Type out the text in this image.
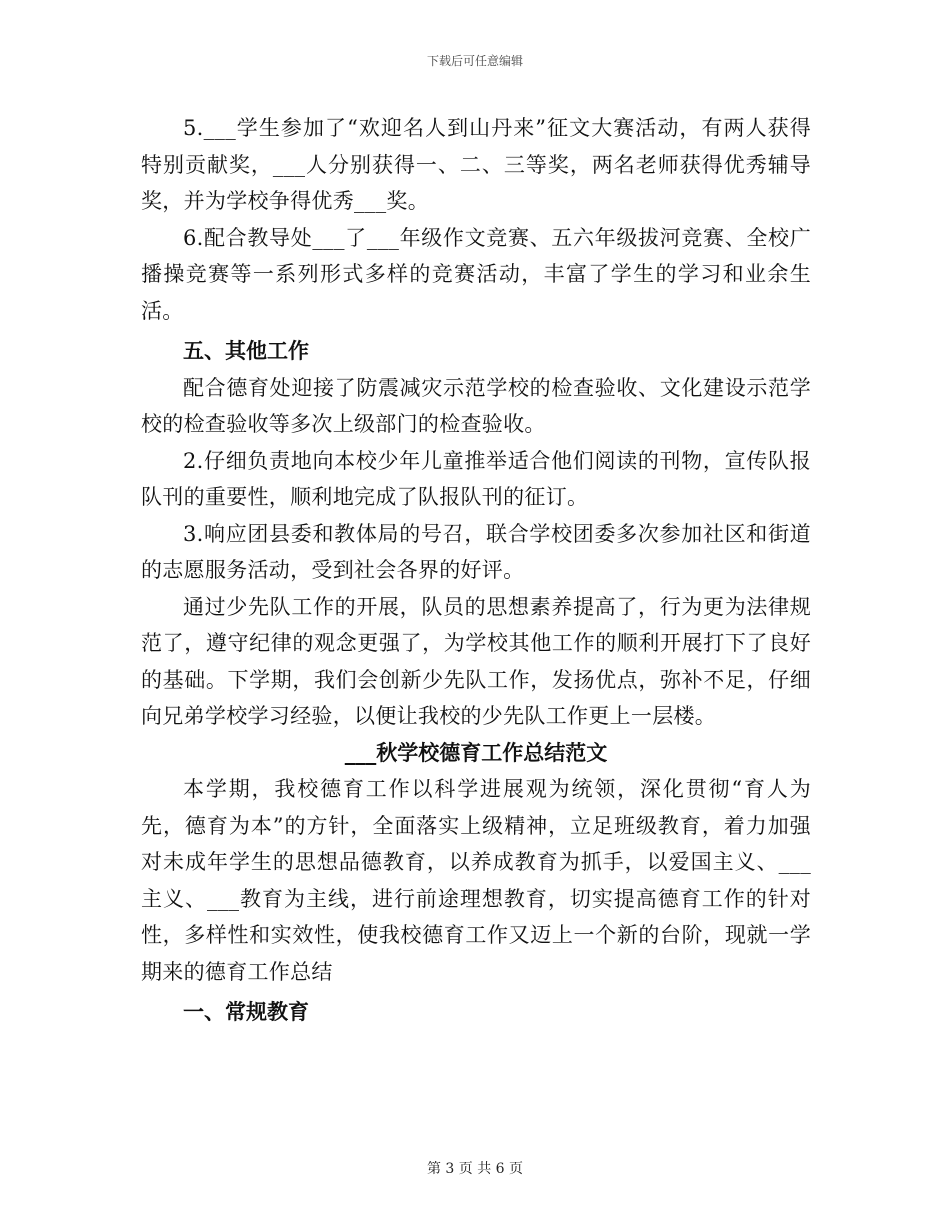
下载后可任意编辑

5.___学生参加了“欢迎名人到山丹来”征文大赛活动，有两人获得特别贡献奖，___人分别获得一、二、三等奖，两名老师获得优秀辅导奖，并为学校争得优秀___奖。

6.配合教导处___了___年级作文竞赛、五六年级拔河竞赛、全校广播操竞赛等一系列形式多样的竞赛活动，丰富了学生的学习和业余生活。

五、其他工作

配合德育处迎接了防震减灾示范学校的检查验收、文化建设示范学校的检查验收等多次上级部门的检查验收。

2.仔细负责地向本校少年儿童推举适合他们阅读的刊物，宣传队报队刊的重要性，顺利地完成了队报队刊的征订。

3.响应团县委和教体局的号召，联合学校团委多次参加社区和街道的志愿服务活动，受到社会各界的好评。

通过少先队工作的开展，队员的思想素养提高了，行为更为法律规范了，遵守纪律的观念更强了，为学校其他工作的顺利开展打下了良好的基础。下学期，我们会创新少先队工作，发扬优点，弥补不足，仔细向兄弟学校学习经验，以便让我校的少先队工作更上一层楼。

___秋学校德育工作总结范文

本学期，我校德育工作以科学进展观为统领，深化贯彻“育人为先，德育为本”的方针，全面落实上级精神，立足班级教育，着力加强对未成年学生的思想品德教育，以养成教育为抓手，以爱国主义、___主义、___教育为主线，进行前途理想教育，切实提高德育工作的针对性，多样性和实效性，使我校德育工作又迈上一个新的台阶，现就一学期来的德育工作总结

一、常规教育

第 3 页 共 6 页
